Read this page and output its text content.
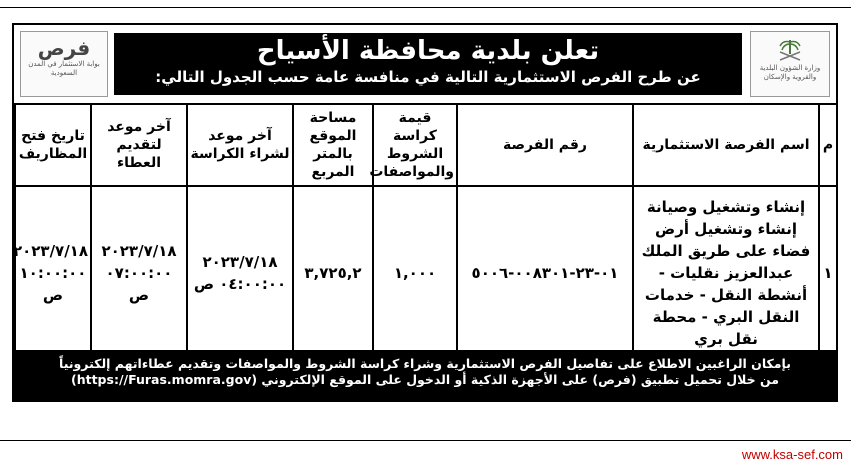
فرص
بوابة الاستثمار في المدن السعودية
تعلن بلدية محافظة الأسياح
عن طرح الفرص الاستثمارية التالية في منافسة عامة حسب الجدول التالي:	وزارة الشؤون البلدية والقروية والإسكان
م	اسم الفرصة الاستثمارية	رقم الفرصة	قيمة كراسة الشروط والمواصفات	مساحة الموقع بالمتر المربع	آخر موعد لشراء الكراسة	آخر موعد لتقديم العطاء	تاريخ فتح المظاريف
١	إنشاء وتشغيل وصيانة إنشاء وتشغيل أرض فضاء على طريق الملك عبدالعزيز نقليات - أنشطة النقل - خدمات النقل البري - محطة نقل بري	٠١-٢٣-٠٠٨٣٠١-٥٠٠٦	١,٠٠٠	٣,٧٢٥,٢	٢٠٢٣/٧/١٨ ٠٤:٠٠:٠٠ ص	٢٠٢٣/٧/١٨ ٠٧:٠٠:٠٠ ص	٢٠٢٣/٧/١٨ ١٠:٠٠:٠٠ ص
بإمكان الراغبين الاطلاع على تفاصيل الفرص الاستثمارية وشراء كراسة الشروط والمواصفات وتقديم عطاءاتهم إلكترونياً
من خلال تحميل تطبيق (فرص) على الأجهزة الذكية أو الدخول على الموقع الإلكتروني (https://Furas.momra.gov)
www.ksa-sef.com
